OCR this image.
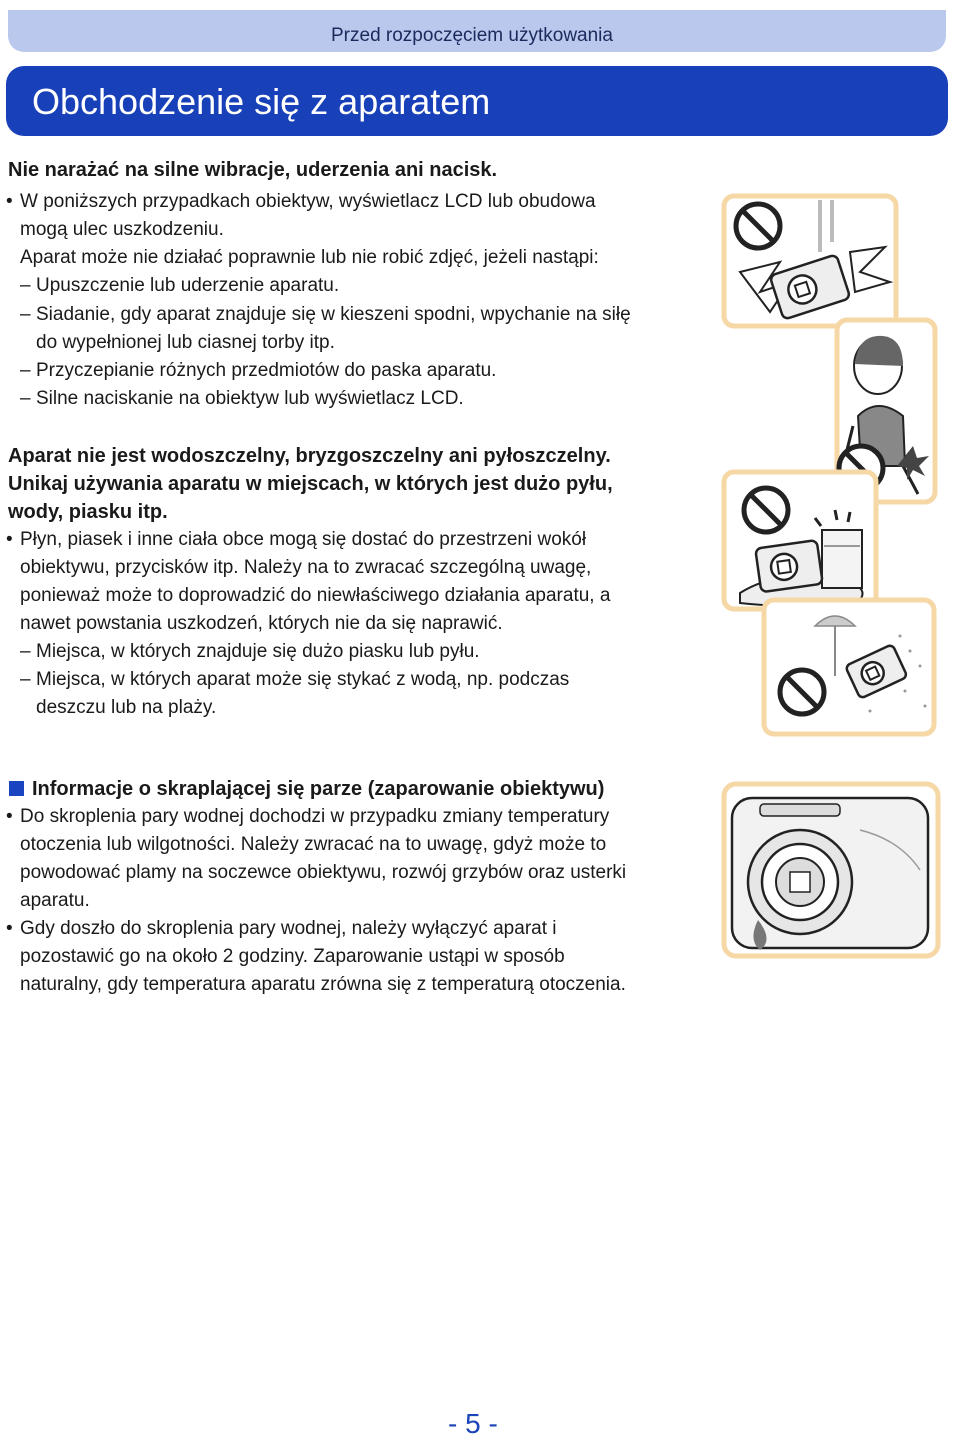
Przed rozpoczęciem użytkowania
Obchodzenie się z aparatem
Nie narażać na silne wibracje, uderzenia ani nacisk.
• W poniższych przypadkach obiektyw, wyświetlacz LCD lub obudowa
mogą ulec uszkodzeniu.
Aparat może nie działać poprawnie lub nie robić zdjęć, jeżeli nastąpi:
– Upuszczenie lub uderzenie aparatu.
– Siadanie, gdy aparat znajduje się w kieszeni spodni, wpychanie na siłę
do wypełnionej lub ciasnej torby itp.
– Przyczepianie różnych przedmiotów do paska aparatu.
– Silne naciskanie na obiektyw lub wyświetlacz LCD.
Aparat nie jest wodoszczelny, bryzgoszczelny ani pyłoszczelny.
Unikaj używania aparatu w miejscach, w których jest dużo pyłu,
wody, piasku itp.
• Płyn, piasek i inne ciała obce mogą się dostać do przestrzeni wokół
obiektywu, przycisków itp. Należy na to zwracać szczególną uwagę,
ponieważ może to doprowadzić do niewłaściwego działania aparatu, a
nawet powstania uszkodzeń, których nie da się naprawić.
– Miejsca, w których znajduje się dużo piasku lub pyłu.
– Miejsca, w których aparat może się stykać z wodą, np. podczas
deszczu lub na plaży.
Informacje o skraplającej się parze (zaparowanie obiektywu)
• Do skroplenia pary wodnej dochodzi w przypadku zmiany temperatury
otoczenia lub wilgotności. Należy zwracać na to uwagę, gdyż może to
powodować plamy na soczewce obiektywu, rozwój grzybów oraz usterki
aparatu.
• Gdy doszło do skroplenia pary wodnej, należy wyłączyć aparat i
pozostawić go na około 2 godziny. Zaparowanie ustąpi w sposób
naturalny, gdy temperatura aparatu zrówna się z temperaturą otoczenia.
- 5 -
